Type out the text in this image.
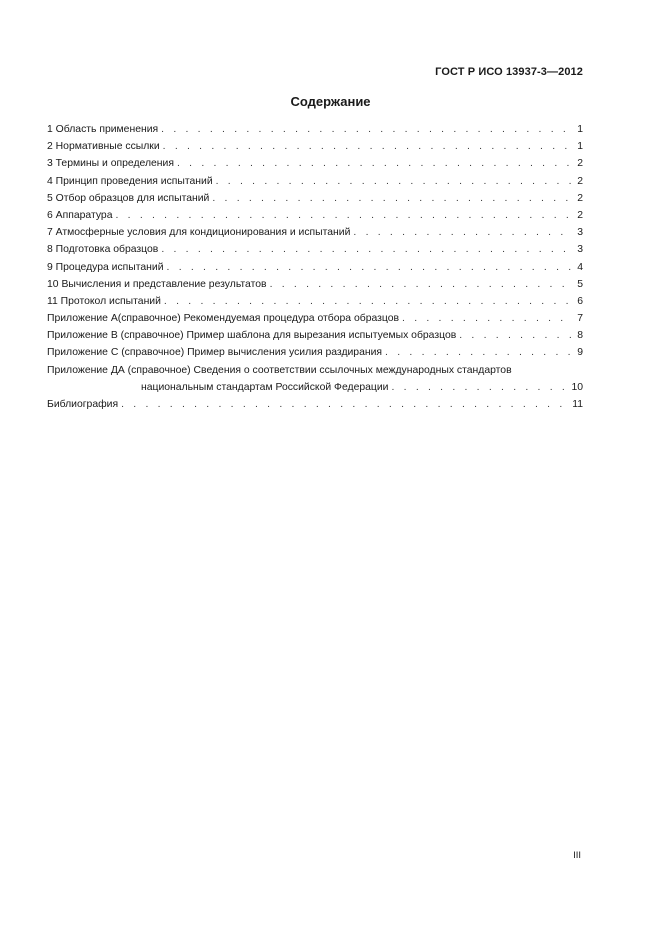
ГОСТ Р ИСО 13937-3—2012
Содержание
1 Область применения . . .	1
2 Нормативные ссылки . . .	1
3 Термины и определения . . .	2
4 Принцип проведения испытаний . . .	2
5 Отбор образцов для испытаний . . .	2
6 Аппаратура . . .	2
7 Атмосферные условия для кондиционирования и испытаний . . .	3
8 Подготовка образцов . . .	3
9 Процедура испытаний . . .	4
10 Вычисления и представление результатов . . .	5
11 Протокол испытаний . . .	6
Приложение А(справочное) Рекомендуемая процедура отбора образцов . . .	7
Приложение В (справочное) Пример шаблона для вырезания испытуемых образцов . . .	8
Приложение С (справочное) Пример вычисления усилия раздирания . . .	9
Приложение ДА (справочное) Сведения о соответствии ссылочных международных стандартов
национальным стандартам Российской Федерации . . .	10
Библиография . . .	11
III
